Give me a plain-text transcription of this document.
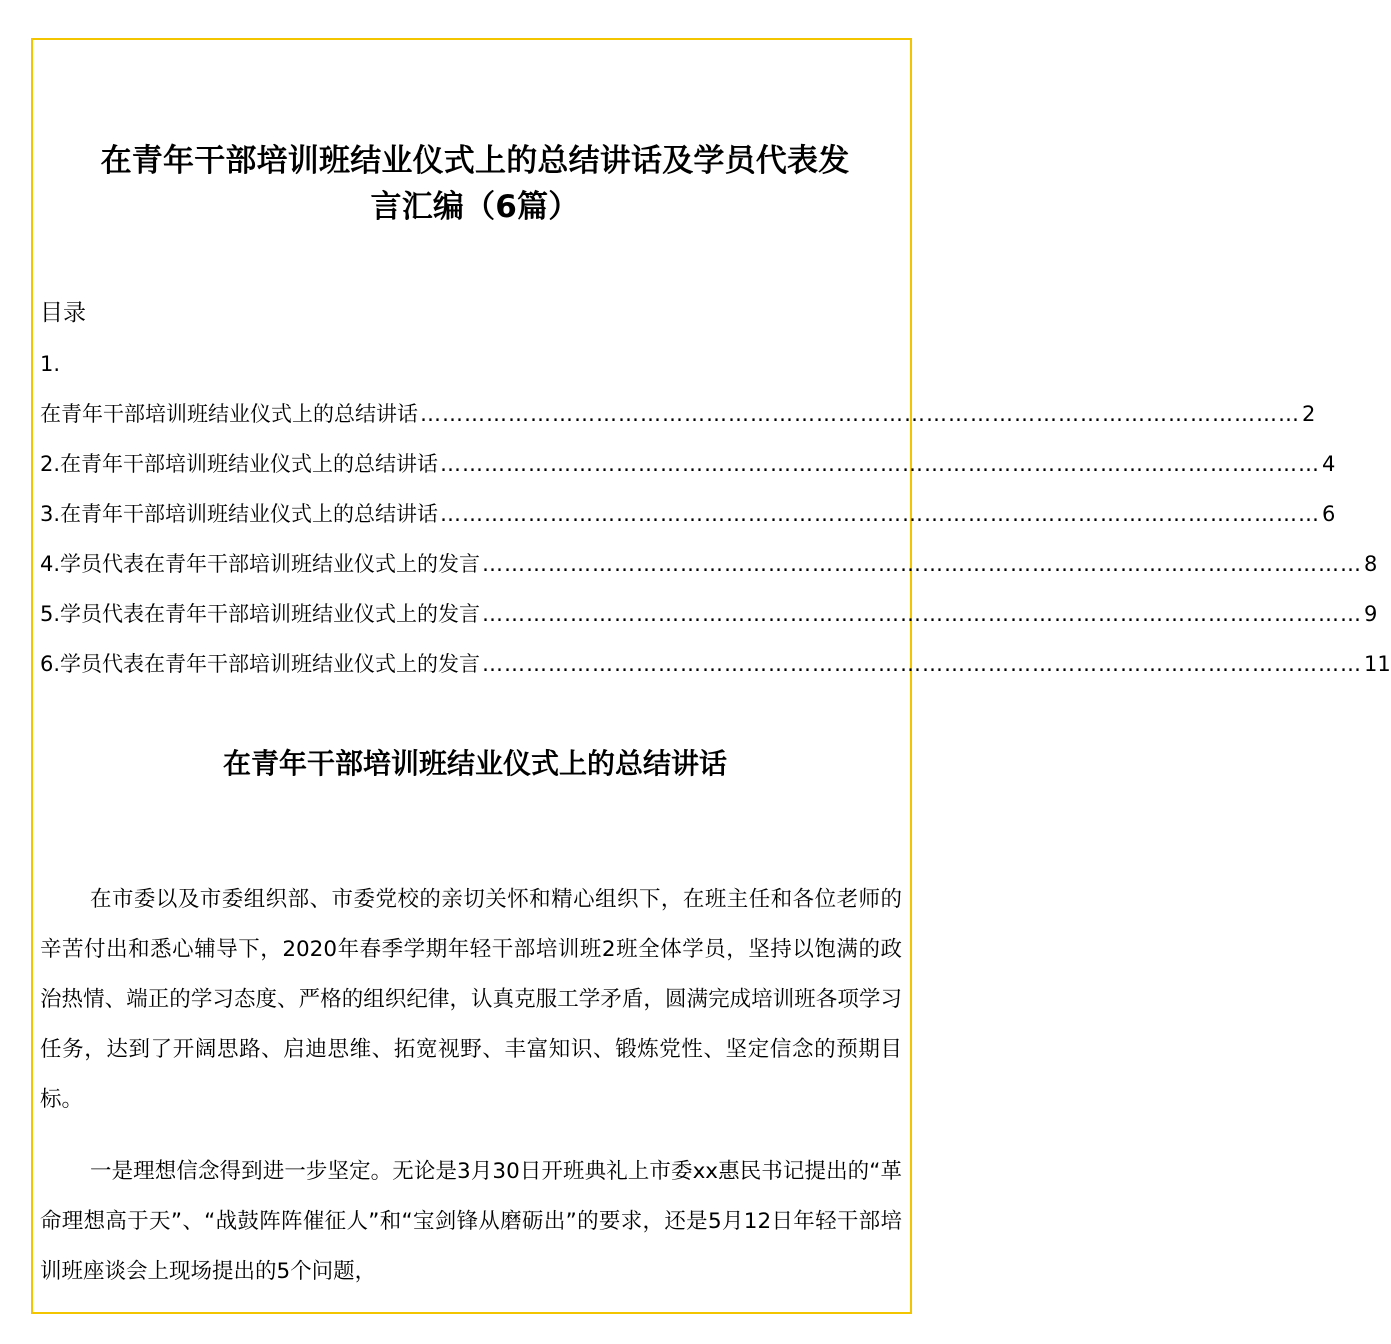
在青年干部培训班结业仪式上的总结讲话及学员代表发
言汇编（6篇）
目录
1.
在青年干部培训班结业仪式上的总结讲话 ………………………………………………………………………………………………………… 2
2.在青年干部培训班结业仪式上的总结讲话 ………………………………………………………………………………………………………… 4
3.在青年干部培训班结业仪式上的总结讲话 ………………………………………………………………………………………………………… 6
4.学员代表在青年干部培训班结业仪式上的发言 ………………………………………………………………………………………………………… 8
5.学员代表在青年干部培训班结业仪式上的发言 ………………………………………………………………………………………………………… 9
6.学员代表在青年干部培训班结业仪式上的发言 ………………………………………………………………………………………………………… 11
在青年干部培训班结业仪式上的总结讲话

在市委以及市委组织部、市委党校的亲切关怀和精心组织下，在班主任和各位老师的辛苦付出和悉心辅导下，2020年春季学期年轻干部培训班2班全体学员，坚持以饱满的政治热情、端正的学习态度、严格的组织纪律，认真克服工学矛盾，圆满完成培训班各项学习任务，达到了开阔思路、启迪思维、拓宽视野、丰富知识、锻炼党性、坚定信念的预期目标。

一是理想信念得到进一步坚定。无论是3月30日开班典礼上市委xx惠民书记提出的“革命理想高于天”、“战鼓阵阵催征人”和“宝剑锋从磨砺出”的要求，还是5月12日年轻干部培训班座谈会上现场提出的5个问题，
